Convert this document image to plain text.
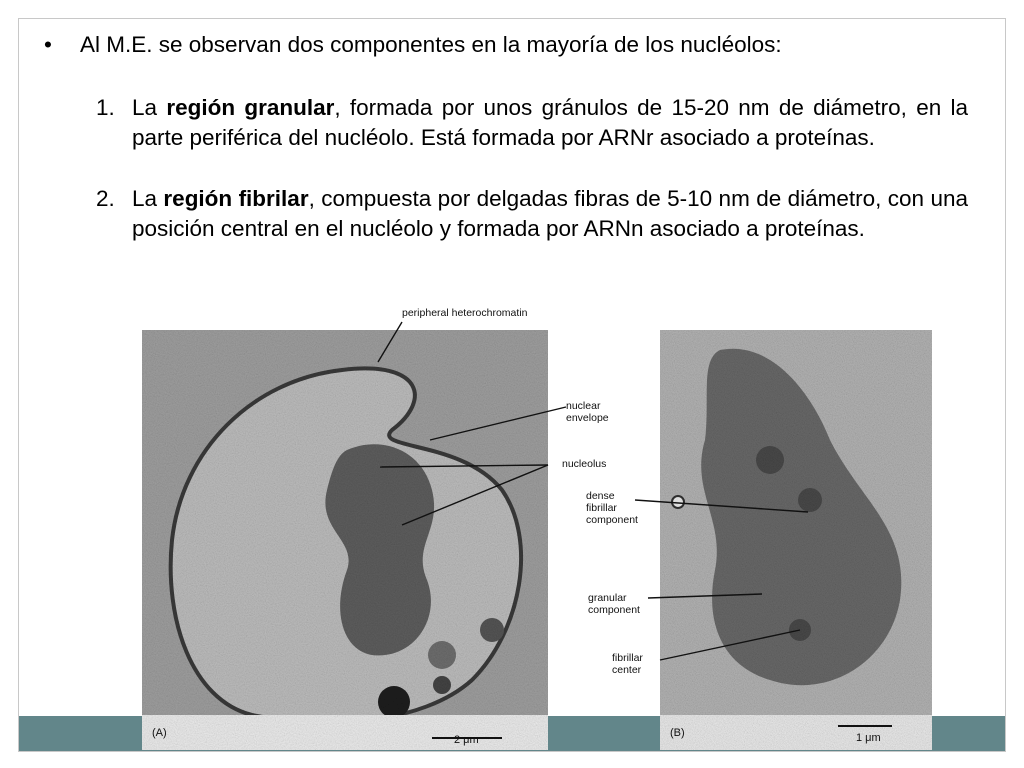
• Al M.E. se observan dos componentes en la mayoría de los nucléolos:
1. La región granular, formada por unos gránulos de 15-20 nm de diámetro, en la parte periférica del nucléolo. Está formada por ARNr asociado a proteínas.
2. La región fibrilar, compuesta por delgadas fibras de 5-10 nm de diámetro, con una posición central en el nucléolo y formada por ARNn asociado a proteínas.
(A)
2 μm
(B)	1 μm
peripheral heterochromatin
nuclear
envelope
nucleolus
dense
fibrillar
component
granular
component
fibrillar
center
